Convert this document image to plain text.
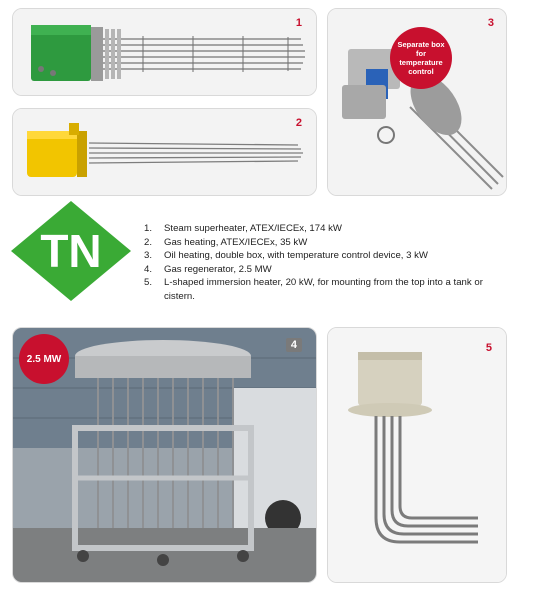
1
2
Separate box for temperature control
3
TN	1.	Steam superheater, ATEX/IECEx, 174 kW
2.	Gas heating, ATEX/IECEx, 35 kW
3.	Oil heating, double box, with temperature control device, 3 kW
4.	Gas regenerator, 2.5 MW
5.	L-shaped immersion heater, 20 kW, for mounting from the top into a tank or cistern.
2.5 MW
4	5
